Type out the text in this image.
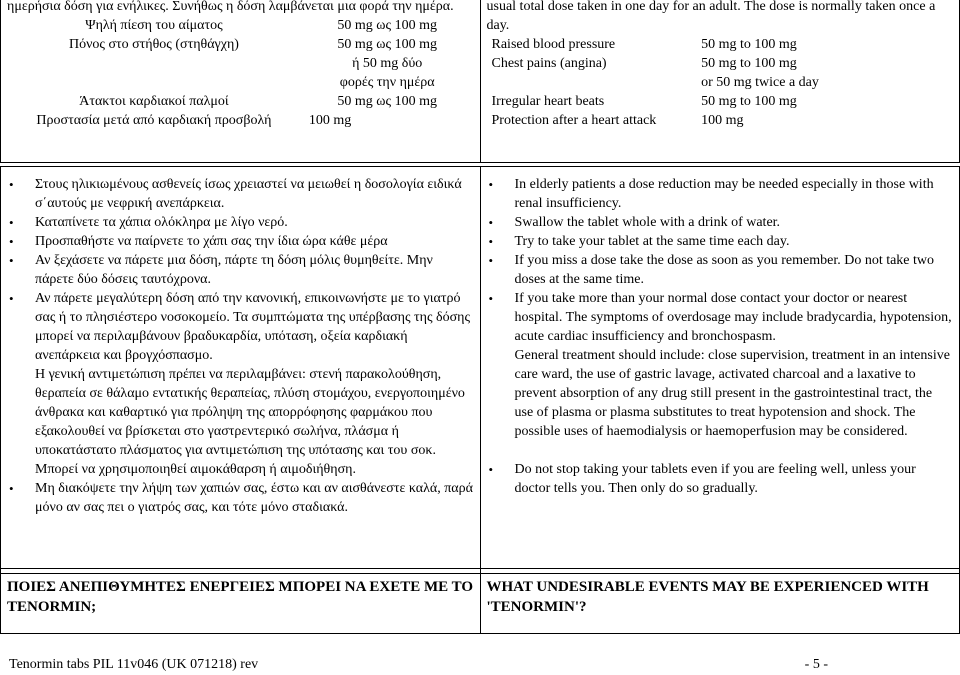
ημερήσια δόση για ενήλικες. Συνήθως η δόση λαμβάνεται μια φορά την ημέρα.
Ψηλή πίεση του αίματος	50 mg ως 100 mg
Πόνος στο στήθος (στηθάγχη)	50 mg ως 100 mg
	ή 50 mg δύο
	φορές την ημέρα
Άτακτοι καρδιακοί παλμοί	50 mg ως 100 mg
Προστασία μετά από καρδιακή προσβολή	100 mg

usual total dose taken in one day for an adult. The dose is normally taken once a day.
Raised blood pressure	50 mg to 100 mg
Chest pains (angina)	50 mg to 100 mg
	or 50 mg twice a day
Irregular heart beats	50 mg to 100 mg
Protection after a heart attack	100 mg
• Στους ηλικιωμένους ασθενείς ίσως χρειαστεί να μειωθεί η δοσολογία ειδικά σ΄αυτούς με νεφρική ανεπάρκεια.
• Καταπίνετε τα χάπια ολόκληρα με λίγο νερό.
• Προσπαθήστε να παίρνετε το χάπι σας την ίδια ώρα κάθε μέρα
• Αν ξεχάσετε να πάρετε μια δόση, πάρτε τη δόση μόλις θυμηθείτε. Μην πάρετε δύο δόσεις ταυτόχρονα.
• Αν πάρετε μεγαλύτερη δόση από την κανονική, επικοινωνήστε με το γιατρό σας ή το πλησιέστερο νοσοκομείο. Τα συμπτώματα της υπέρβασης της δόσης μπορεί να περιλαμβάνουν βραδυκαρδία, υπόταση, οξεία καρδιακή ανεπάρκεια και βρογχόσπασμο.
Η γενική αντιμετώπιση πρέπει να περιλαμβάνει: στενή παρακολούθηση, θεραπεία σε θάλαμο εντατικής θεραπείας, πλύση στομάχου, ενεργοποιημένο άνθρακα και καθαρτικό για πρόληψη της απορρόφησης φαρμάκου που εξακολουθεί να βρίσκεται στο γαστρεντερικό σωλήνα, πλάσμα ή υποκατάστατο πλάσματος για αντιμετώπιση της υπότασης και του σοκ. Μπορεί να χρησιμοποιηθεί αιμοκάθαρση ή αιμοδιήθηση.
• Μη διακόψετε την λήψη των χαπιών σας, έστω και αν αισθάνεστε καλά, παρά μόνο αν σας πει ο γιατρός σας, και τότε μόνο σταδιακά.

• In elderly patients a dose reduction may be needed especially in those with renal insufficiency.
• Swallow the tablet whole with a drink of water.
• Try to take your tablet at the same time each day.
• If you miss a dose take the dose as soon as you remember. Do not take two doses at the same time.
• If you take more than your normal dose contact your doctor or nearest hospital. The symptoms of overdosage may include bradycardia, hypotension, acute cardiac insufficiency and bronchospasm.
General treatment should include: close supervision, treatment in an intensive care ward, the use of gastric lavage, activated charcoal and a laxative to prevent absorption of any drug still present in the gastrointestinal tract, the use of plasma or plasma substitutes to treat hypotension and shock. The possible uses of haemodialysis or haemoperfusion may be considered.
• Do not stop taking your tablets even if you are feeling well, unless your doctor tells you. Then only do so gradually.
ΠΟΙΕΣ ΑΝΕΠΙΘΥΜΗΤΕΣ ΕΝΕΡΓΕΙΕΣ ΜΠΟΡΕΙ ΝΑ ΕΧΕΤΕ ΜΕ ΤΟ TENORMIN;	WHAT UNDESIRABLE EVENTS MAY BE EXPERIENCED WITH 'TENORMIN'?
Tenormin tabs PIL 11v046 (UK 071218) rev	- 5 -
